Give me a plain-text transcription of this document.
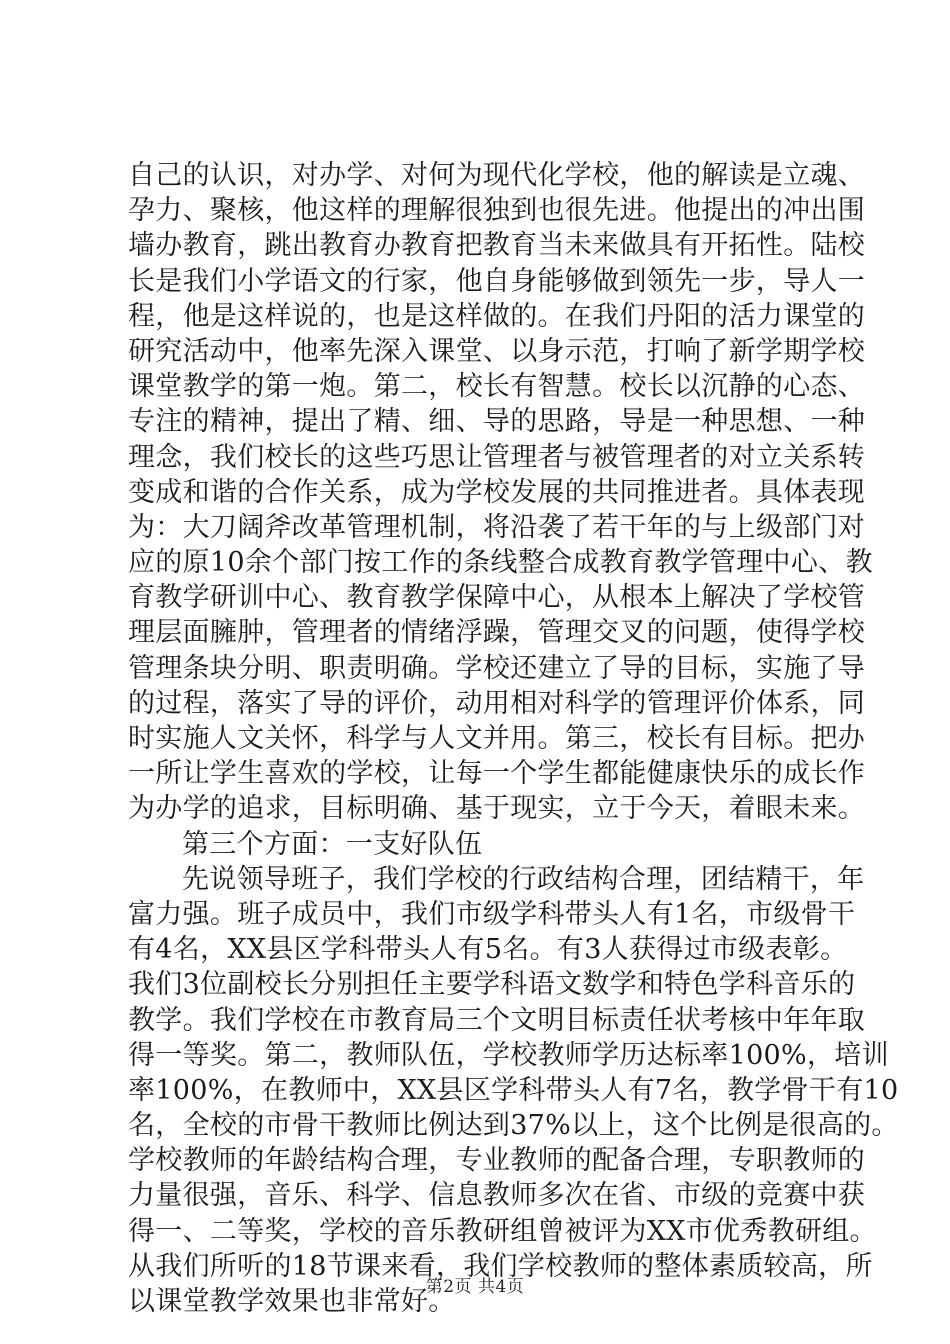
自己的认识，对办学、对何为现代化学校，他的解读是立魂、
孕力、聚核，他这样的理解很独到也很先进。他提出的冲出围
墙办教育，跳出教育办教育把教育当未来做具有开拓性。陆校
长是我们小学语文的行家，他自身能够做到领先一步，导人一
程，他是这样说的，也是这样做的。在我们丹阳的活力课堂的
研究活动中，他率先深入课堂、以身示范，打响了新学期学校
课堂教学的第一炮。第二，校长有智慧。校长以沉静的心态、
专注的精神，提出了精、细、导的思路，导是一种思想、一种
理念，我们校长的这些巧思让管理者与被管理者的对立关系转
变成和谐的合作关系，成为学校发展的共同推进者。具体表现
为：大刀阔斧改革管理机制，将沿袭了若干年的与上级部门对
应的原10余个部门按工作的条线整合成教育教学管理中心、教
育教学研训中心、教育教学保障中心，从根本上解决了学校管
理层面臃肿，管理者的情绪浮躁，管理交叉的问题，使得学校
管理条块分明、职责明确。学校还建立了导的目标，实施了导
的过程，落实了导的评价，动用相对科学的管理评价体系，同
时实施人文关怀，科学与人文并用。第三，校长有目标。把办
一所让学生喜欢的学校，让每一个学生都能健康快乐的成长作
为办学的追求，目标明确、基于现实，立于今天，着眼未来。
第三个方面：一支好队伍
先说领导班子，我们学校的行政结构合理，团结精干，年
富力强。班子成员中，我们市级学科带头人有1名，市级骨干
有4名，XX县区学科带头人有5名。有3人获得过市级表彰。
我们3位副校长分别担任主要学科语文数学和特色学科音乐的
教学。我们学校在市教育局三个文明目标责任状考核中年年取
得一等奖。第二，教师队伍，学校教师学历达标率100%，培训
率100%，在教师中，XX县区学科带头人有7名，教学骨干有10
名，全校的市骨干教师比例达到37%以上，这个比例是很高的。
学校教师的年龄结构合理，专业教师的配备合理，专职教师的
力量很强，音乐、科学、信息教师多次在省、市级的竞赛中获
得一、二等奖，学校的音乐教研组曾被评为XX市优秀教研组。
从我们所听的18节课来看，我们学校教师的整体素质较高，所
以课堂教学效果也非常好。
第2页 共4页
